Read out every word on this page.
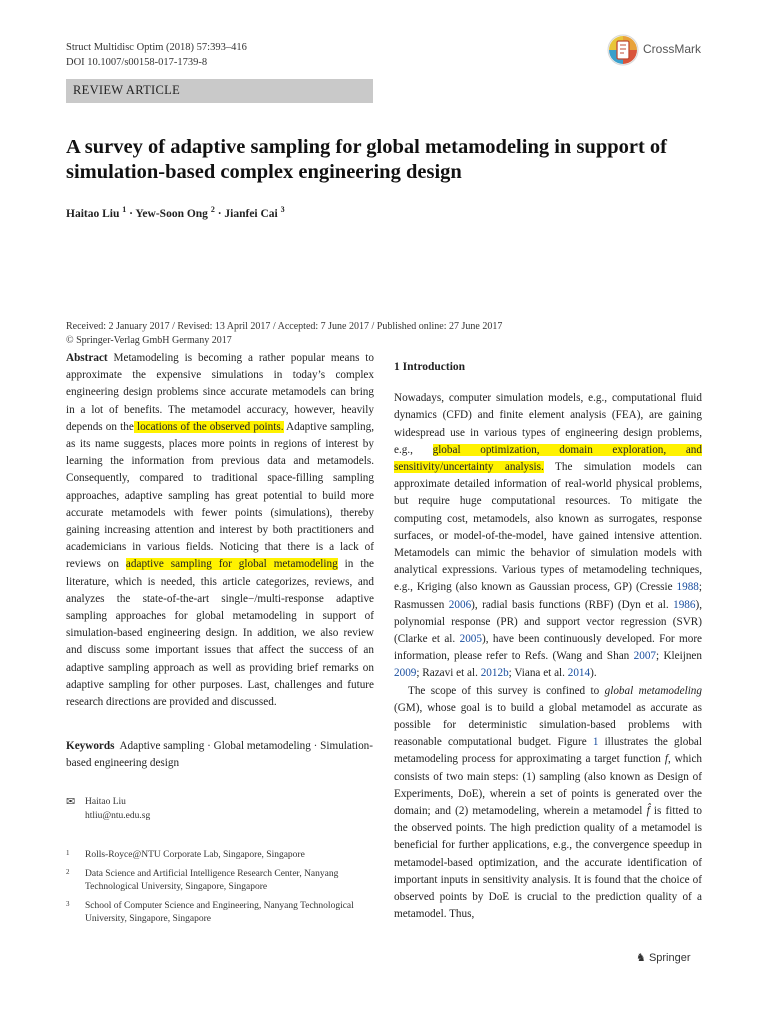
Struct Multidisc Optim (2018) 57:393–416
DOI 10.1007/s00158-017-1739-8
CrossMark
REVIEW ARTICLE
A survey of adaptive sampling for global metamodeling in support of simulation-based complex engineering design
Haitao Liu $^1$ · Yew-Soon Ong $^2$ · Jianfei Cai $^3$
Received: 2 January 2017 / Revised: 13 April 2017 / Accepted: 7 June 2017 / Published online: 27 June 2017
© Springer-Verlag GmbH Germany 2017

Abstract Metamodeling is becoming a rather popular means to approximate the expensive simulations in today’s complex engineering design problems since accurate metamodels can bring in a lot of benefits. The metamodel accuracy, however, heavily depends on the locations of the observed points. Adaptive sampling, as its name suggests, places more points in regions of interest by learning the information from previous data and metamodels. Consequently, compared to traditional space-filling sampling approaches, adaptive sampling has great potential to build more accurate metamodels with fewer points (simulations), thereby gaining increasing attention and interest by both practitioners and academicians in various fields. Noticing that there is a lack of reviews on adaptive sampling for global metamodeling in the literature, which is needed, this article categorizes, reviews, and analyzes the state-of-the-art single−/multi-response adaptive sampling approaches for global metamodeling in support of simulation-based engineering design. In addition, we also review and discuss some important issues that affect the success of an adaptive sampling approach as well as providing brief remarks on adaptive sampling for other purposes. Last, challenges and future research directions are provided and discussed.

Keywords Adaptive sampling · Global metamodeling · Simulation-based engineering design

✉ Haitao Liu
htliu@ntu.edu.sg
1 Rolls-Royce@NTU Corporate Lab, Singapore, Singapore
2 Data Science and Artificial Intelligence Research Center, Nanyang Technological University, Singapore, Singapore
3 School of Computer Science and Engineering, Nanyang Technological University, Singapore, Singapore
1 Introduction

Nowadays, computer simulation models, e.g., computational fluid dynamics (CFD) and finite element analysis (FEA), are gaining widespread use in various types of engineering design problems, e.g., global optimization, domain exploration, and sensitivity/uncertainty analysis. The simulation models can approximate detailed information of real-world physical problems, but require huge computational resources. To mitigate the computing cost, metamodels, also known as surrogates, response surfaces, or model-of-the-model, have gained intensive attention. Metamodels can mimic the behavior of simulation models with analytical expressions. Various types of metamodeling techniques, e.g., Kriging (also known as Gaussian process, GP) (Cressie 1988; Rasmussen 2006), radial basis functions (RBF) (Dyn et al. 1986), polynomial response (PR) and support vector regression (SVR) (Clarke et al. 2005), have been continuously developed. For more information, please refer to Refs. (Wang and Shan 2007; Kleijnen 2009; Razavi et al. 2012b; Viana et al. 2014).

The scope of this survey is confined to global metamodeling (GM), whose goal is to build a global metamodel as accurate as possible for deterministic simulation-based problems with reasonable computational budget. Figure 1 illustrates the global metamodeling process for approximating a target function f, which consists of two main steps: (1) sampling (also known as Design of Experiments, DoE), wherein a set of points is generated over the domain; and (2) metamodeling, wherein a metamodel f̂ is fitted to the observed points. The high prediction quality of a metamodel is beneficial for further applications, e.g., the convergence speedup in metamodel-based optimization, and the accurate identification of important inputs in sensitivity analysis. It is found that the choice of observed points by DoE is crucial to the prediction quality of a metamodel. Thus,

♞ Springer
